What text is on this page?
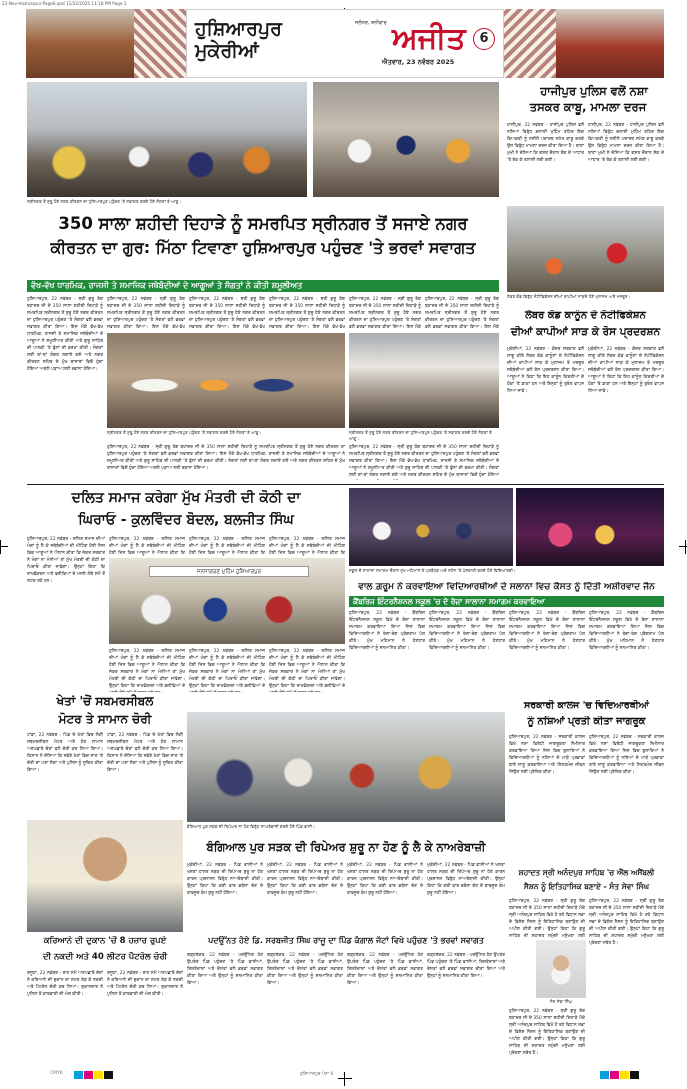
23-Nov-Hoshiarpur-Page6.qxd 11/22/2025 11:18 PM Page 1
ਹੁਸ਼ਿਆਰਪੁਰ ਮੁਕੇਰੀਆਂ
ਜਲੰਧਰ, ਸ਼ਨੀਵਾਰ ਅਜੀਤ
ਐਤਵਾਰ, 23 ਨਵੰਬਰ 2025
6
ਸ੍ਰੀਨਗਰ ਤੋਂ ਸ਼ੁਰੂ ਹੋਏ ਨਗਰ ਕੀਰਤਨ ਦਾ ਹੁਸ਼ਿਆਰਪੁਰ ਪਹੁੰਚਣ 'ਤੇ ਸਵਾਗਤ ਕਰਦੇ ਹੋਏ ਸੰਗਤਾਂ ਤੇ ਆਗੂ।
ਹਾਜੀਪੁਰ ਪੁਲਿਸ ਵਲੋਂ ਨਸ਼ਾ
ਤਸਕਰ ਕਾਬੂ, ਮਾਮਲਾ ਦਰਜ
ਹਾਜੀਪੁਰ, 22 ਨਵੰਬਰ - ਹਾਜੀਪੁਰ ਪੁਲਿਸ ਵਲੋਂ ਨਸ਼ਿਆਂ ਵਿਰੁੱਧ ਚਲਾਈ ਮੁਹਿੰਮ ਤਹਿਤ ਇਕ ਵਿਅਕਤੀ ਨੂੰ ਨਸ਼ੀਲੇ ਪਦਾਰਥ ਸਮੇਤ ਕਾਬੂ ਕਰਕੇ ਉਸ ਵਿਰੁੱਧ ਮਾਮਲਾ ਦਰਜ ਕੀਤਾ ਗਿਆ ਹੈ। ਥਾਣਾ ਮੁਖੀ ਨੇ ਦੱਸਿਆ ਕਿ ਗਸ਼ਤ ਦੌਰਾਨ ਸ਼ੱਕ ਦੇ ਆਧਾਰ 'ਤੇ ਰੋਕ ਕੇ ਤਲਾਸ਼ੀ ਲਈ ਗਈ।
ਹਾਜੀਪੁਰ, 22 ਨਵੰਬਰ - ਹਾਜੀਪੁਰ ਪੁਲਿਸ ਵਲੋਂ ਨਸ਼ਿਆਂ ਵਿਰੁੱਧ ਚਲਾਈ ਮੁਹਿੰਮ ਤਹਿਤ ਇਕ ਵਿਅਕਤੀ ਨੂੰ ਨਸ਼ੀਲੇ ਪਦਾਰਥ ਸਮੇਤ ਕਾਬੂ ਕਰਕੇ ਉਸ ਵਿਰੁੱਧ ਮਾਮਲਾ ਦਰਜ ਕੀਤਾ ਗਿਆ ਹੈ। ਥਾਣਾ ਮੁਖੀ ਨੇ ਦੱਸਿਆ ਕਿ ਗਸ਼ਤ ਦੌਰਾਨ ਸ਼ੱਕ ਦੇ ਆਧਾਰ 'ਤੇ ਰੋਕ ਕੇ ਤਲਾਸ਼ੀ ਲਈ ਗਈ।
350 ਸਾਲਾ ਸ਼ਹੀਦੀ ਦਿਹਾੜੇ ਨੂੰ ਸਮਰਪਿਤ ਸ੍ਰੀਨਗਰ ਤੋਂ ਸਜਾਏ ਨਗਰ
ਕੀਰਤਨ ਦਾ ਗੁਰ: ਮਿੱਠਾ ਟਿਵਾਣਾ ਹੁਸ਼ਿਆਰਪੁਰ ਪਹੁੰਚਣ 'ਤੇ ਭਰਵਾਂ ਸਵਾਗਤ
ਵੱਖ-ਵੱਖ ਧਾਰਮਿਕ, ਰਾਜਸੀ ਤੇ ਸਮਾਜਿਕ ਜਥੇਬੰਦੀਆਂ ਦੇ ਆਗੂਆਂ ਤੇ ਸੰਗਤਾਂ ਨੇ ਕੀਤੀ ਸ਼ਮੂਲੀਅਤ
ਹੁਸ਼ਿਆਰਪੁਰ, 22 ਨਵੰਬਰ - ਸ੍ਰੀ ਗੁਰੂ ਤੇਗ ਬਹਾਦਰ ਜੀ ਦੇ 350 ਸਾਲਾ ਸ਼ਹੀਦੀ ਦਿਹਾੜੇ ਨੂੰ ਸਮਰਪਿਤ ਸ੍ਰੀਨਗਰ ਤੋਂ ਸ਼ੁਰੂ ਹੋਏ ਨਗਰ ਕੀਰਤਨ ਦਾ ਹੁਸ਼ਿਆਰਪੁਰ ਪਹੁੰਚਣ 'ਤੇ ਸੰਗਤਾਂ ਵਲੋਂ ਭਰਵਾਂ ਸਵਾਗਤ ਕੀਤਾ ਗਿਆ। ਇਸ ਮੌਕੇ ਵੱਖ-ਵੱਖ ਧਾਰਮਿਕ, ਰਾਜਸੀ ਤੇ ਸਮਾਜਿਕ ਜਥੇਬੰਦੀਆਂ ਦੇ ਆਗੂਆਂ ਨੇ ਸ਼ਮੂਲੀਅਤ ਕੀਤੀ ਅਤੇ ਗੁਰੂ ਸਾਹਿਬ ਦੀ ਪਾਲਕੀ 'ਤੇ ਫੁੱਲਾਂ ਦੀ ਵਰਖਾ ਕੀਤੀ। ਸੰਗਤਾਂ ਲਈ ਥਾਂ-ਥਾਂ ਲੰਗਰ ਲਗਾਏ ਗਏ ਅਤੇ ਨਗਰ ਕੀਰਤਨ ਸ਼ਹਿਰ ਦੇ ਮੁੱਖ ਬਾਜ਼ਾਰਾਂ ਵਿਚੋਂ ਹੁੰਦਾ ਹੋਇਆ ਅਗਲੇ ਪੜਾਅ ਲਈ ਰਵਾਨਾ ਹੋਇਆ।
ਹੁਸ਼ਿਆਰਪੁਰ, 22 ਨਵੰਬਰ - ਸ੍ਰੀ ਗੁਰੂ ਤੇਗ ਬਹਾਦਰ ਜੀ ਦੇ 350 ਸਾਲਾ ਸ਼ਹੀਦੀ ਦਿਹਾੜੇ ਨੂੰ ਸਮਰਪਿਤ ਸ੍ਰੀਨਗਰ ਤੋਂ ਸ਼ੁਰੂ ਹੋਏ ਨਗਰ ਕੀਰਤਨ ਦਾ ਹੁਸ਼ਿਆਰਪੁਰ ਪਹੁੰਚਣ 'ਤੇ ਸੰਗਤਾਂ ਵਲੋਂ ਭਰਵਾਂ ਸਵਾਗਤ ਕੀਤਾ ਗਿਆ। ਇਸ ਮੌਕੇ ਵੱਖ-ਵੱਖ
ਹੁਸ਼ਿਆਰਪੁਰ, 22 ਨਵੰਬਰ - ਸ੍ਰੀ ਗੁਰੂ ਤੇਗ ਬਹਾਦਰ ਜੀ ਦੇ 350 ਸਾਲਾ ਸ਼ਹੀਦੀ ਦਿਹਾੜੇ ਨੂੰ ਸਮਰਪਿਤ ਸ੍ਰੀਨਗਰ ਤੋਂ ਸ਼ੁਰੂ ਹੋਏ ਨਗਰ ਕੀਰਤਨ ਦਾ ਹੁਸ਼ਿਆਰਪੁਰ ਪਹੁੰਚਣ 'ਤੇ ਸੰਗਤਾਂ ਵਲੋਂ ਭਰਵਾਂ ਸਵਾਗਤ ਕੀਤਾ ਗਿਆ। ਇਸ ਮੌਕੇ ਵੱਖ-ਵੱਖ
ਹੁਸ਼ਿਆਰਪੁਰ, 22 ਨਵੰਬਰ - ਸ੍ਰੀ ਗੁਰੂ ਤੇਗ ਬਹਾਦਰ ਜੀ ਦੇ 350 ਸਾਲਾ ਸ਼ਹੀਦੀ ਦਿਹਾੜੇ ਨੂੰ ਸਮਰਪਿਤ ਸ੍ਰੀਨਗਰ ਤੋਂ ਸ਼ੁਰੂ ਹੋਏ ਨਗਰ ਕੀਰਤਨ ਦਾ ਹੁਸ਼ਿਆਰਪੁਰ ਪਹੁੰਚਣ 'ਤੇ ਸੰਗਤਾਂ ਵਲੋਂ ਭਰਵਾਂ ਸਵਾਗਤ ਕੀਤਾ ਗਿਆ। ਇਸ ਮੌਕੇ ਵੱਖ-ਵੱਖ
ਹੁਸ਼ਿਆਰਪੁਰ, 22 ਨਵੰਬਰ - ਸ੍ਰੀ ਗੁਰੂ ਤੇਗ ਬਹਾਦਰ ਜੀ ਦੇ 350 ਸਾਲਾ ਸ਼ਹੀਦੀ ਦਿਹਾੜੇ ਨੂੰ ਸਮਰਪਿਤ ਸ੍ਰੀਨਗਰ ਤੋਂ ਸ਼ੁਰੂ ਹੋਏ ਨਗਰ ਕੀਰਤਨ ਦਾ ਹੁਸ਼ਿਆਰਪੁਰ ਪਹੁੰਚਣ 'ਤੇ ਸੰਗਤਾਂ ਵਲੋਂ ਭਰਵਾਂ ਸਵਾਗਤ ਕੀਤਾ ਗਿਆ। ਇਸ ਮੌਕੇ
ਹੁਸ਼ਿਆਰਪੁਰ, 22 ਨਵੰਬਰ - ਸ੍ਰੀ ਗੁਰੂ ਤੇਗ ਬਹਾਦਰ ਜੀ ਦੇ 350 ਸਾਲਾ ਸ਼ਹੀਦੀ ਦਿਹਾੜੇ ਨੂੰ ਸਮਰਪਿਤ ਸ੍ਰੀਨਗਰ ਤੋਂ ਸ਼ੁਰੂ ਹੋਏ ਨਗਰ ਕੀਰਤਨ ਦਾ ਹੁਸ਼ਿਆਰਪੁਰ ਪਹੁੰਚਣ 'ਤੇ ਸੰਗਤਾਂ ਵਲੋਂ ਭਰਵਾਂ ਸਵਾਗਤ ਕੀਤਾ ਗਿਆ। ਇਸ ਮੌਕੇ
ਸ੍ਰੀਨਗਰ ਤੋਂ ਸ਼ੁਰੂ ਹੋਏ ਨਗਰ ਕੀਰਤਨ ਦਾ ਹੁਸ਼ਿਆਰਪੁਰ ਪਹੁੰਚਣ 'ਤੇ ਸਵਾਗਤ ਕਰਦੇ ਹੋਏ ਸੰਗਤਾਂ ਤੇ ਆਗੂ।	ਸ੍ਰੀਨਗਰ ਤੋਂ ਸ਼ੁਰੂ ਹੋਏ ਨਗਰ ਕੀਰਤਨ ਦਾ ਹੁਸ਼ਿਆਰਪੁਰ ਪਹੁੰਚਣ 'ਤੇ ਸਵਾਗਤ ਕਰਦੇ ਹੋਏ ਸੰਗਤਾਂ ਤੇ ਆਗੂ।
ਹੁਸ਼ਿਆਰਪੁਰ, 22 ਨਵੰਬਰ - ਸ੍ਰੀ ਗੁਰੂ ਤੇਗ ਬਹਾਦਰ ਜੀ ਦੇ 350 ਸਾਲਾ ਸ਼ਹੀਦੀ ਦਿਹਾੜੇ ਨੂੰ ਸਮਰਪਿਤ ਸ੍ਰੀਨਗਰ ਤੋਂ ਸ਼ੁਰੂ ਹੋਏ ਨਗਰ ਕੀਰਤਨ ਦਾ ਹੁਸ਼ਿਆਰਪੁਰ ਪਹੁੰਚਣ 'ਤੇ ਸੰਗਤਾਂ ਵਲੋਂ ਭਰਵਾਂ ਸਵਾਗਤ ਕੀਤਾ ਗਿਆ। ਇਸ ਮੌਕੇ ਵੱਖ-ਵੱਖ ਧਾਰਮਿਕ, ਰਾਜਸੀ ਤੇ ਸਮਾਜਿਕ ਜਥੇਬੰਦੀਆਂ ਦੇ ਆਗੂਆਂ ਨੇ ਸ਼ਮੂਲੀਅਤ ਕੀਤੀ ਅਤੇ ਗੁਰੂ ਸਾਹਿਬ ਦੀ ਪਾਲਕੀ 'ਤੇ ਫੁੱਲਾਂ ਦੀ ਵਰਖਾ ਕੀਤੀ। ਸੰਗਤਾਂ ਲਈ ਥਾਂ-ਥਾਂ ਲੰਗਰ ਲਗਾਏ ਗਏ ਅਤੇ ਨਗਰ ਕੀਰਤਨ ਸ਼ਹਿਰ ਦੇ ਮੁੱਖ ਬਾਜ਼ਾਰਾਂ ਵਿਚੋਂ ਹੁੰਦਾ ਹੋਇਆ ਅਗਲੇ ਪੜਾਅ ਲਈ ਰਵਾਨਾ ਹੋਇਆ।
ਹੁਸ਼ਿਆਰਪੁਰ, 22 ਨਵੰਬਰ - ਸ੍ਰੀ ਗੁਰੂ ਤੇਗ ਬਹਾਦਰ ਜੀ ਦੇ 350 ਸਾਲਾ ਸ਼ਹੀਦੀ ਦਿਹਾੜੇ ਨੂੰ ਸਮਰਪਿਤ ਸ੍ਰੀਨਗਰ ਤੋਂ ਸ਼ੁਰੂ ਹੋਏ ਨਗਰ ਕੀਰਤਨ ਦਾ ਹੁਸ਼ਿਆਰਪੁਰ ਪਹੁੰਚਣ 'ਤੇ ਸੰਗਤਾਂ ਵਲੋਂ ਭਰਵਾਂ ਸਵਾਗਤ ਕੀਤਾ ਗਿਆ। ਇਸ ਮੌਕੇ ਵੱਖ-ਵੱਖ ਧਾਰਮਿਕ, ਰਾਜਸੀ ਤੇ ਸਮਾਜਿਕ ਜਥੇਬੰਦੀਆਂ ਦੇ ਆਗੂਆਂ ਨੇ ਸ਼ਮੂਲੀਅਤ ਕੀਤੀ ਅਤੇ ਗੁਰੂ ਸਾਹਿਬ ਦੀ ਪਾਲਕੀ 'ਤੇ ਫੁੱਲਾਂ ਦੀ ਵਰਖਾ ਕੀਤੀ। ਸੰਗਤਾਂ ਲਈ ਥਾਂ-ਥਾਂ ਲੰਗਰ ਲਗਾਏ ਗਏ ਅਤੇ ਨਗਰ ਕੀਰਤਨ ਸ਼ਹਿਰ ਦੇ ਮੁੱਖ ਬਾਜ਼ਾਰਾਂ ਵਿਚੋਂ ਹੁੰਦਾ ਹੋਇਆ
ਲੇਬਰ ਕੋਡ ਵਿਰੁੱਧ ਨੋਟੀਫਿਕੇਸ਼ਨ ਦੀਆਂ ਕਾਪੀਆਂ ਸਾੜਦੇ ਹੋਏ ਮੁਲਾਜ਼ਮ ਅਤੇ ਮਜ਼ਦੂਰ।
ਲੇਬਰ ਕੋਡ ਕਾਨੂੰਨ ਦੇ ਨੋਟੀਫਿਕੇਸ਼ਨ
ਦੀਆਂ ਕਾਪੀਆਂ ਸਾੜ ਕੇ ਰੋਸ ਪ੍ਰਦਰਸ਼ਨ
ਮੁਕੇਰੀਆਂ, 22 ਨਵੰਬਰ - ਕੇਂਦਰ ਸਰਕਾਰ ਵਲੋਂ ਲਾਗੂ ਕੀਤੇ ਲੇਬਰ ਕੋਡ ਕਾਨੂੰਨਾਂ ਦੇ ਨੋਟੀਫਿਕੇਸ਼ਨ ਦੀਆਂ ਕਾਪੀਆਂ ਸਾੜ ਕੇ ਮੁਲਾਜ਼ਮ ਤੇ ਮਜ਼ਦੂਰ ਜਥੇਬੰਦੀਆਂ ਵਲੋਂ ਰੋਸ ਪ੍ਰਦਰਸ਼ਨ ਕੀਤਾ ਗਿਆ। ਆਗੂਆਂ ਨੇ ਕਿਹਾ ਕਿ ਇਹ ਕਾਨੂੰਨ ਕਿਰਤੀਆਂ ਦੇ ਹੱਕਾਂ 'ਤੇ ਡਾਕਾ ਹਨ ਅਤੇ ਇਨ੍ਹਾਂ ਨੂੰ ਤੁਰੰਤ ਵਾਪਸ ਲਿਆ ਜਾਵੇ।
ਮੁਕੇਰੀਆਂ, 22 ਨਵੰਬਰ - ਕੇਂਦਰ ਸਰਕਾਰ ਵਲੋਂ ਲਾਗੂ ਕੀਤੇ ਲੇਬਰ ਕੋਡ ਕਾਨੂੰਨਾਂ ਦੇ ਨੋਟੀਫਿਕੇਸ਼ਨ ਦੀਆਂ ਕਾਪੀਆਂ ਸਾੜ ਕੇ ਮੁਲਾਜ਼ਮ ਤੇ ਮਜ਼ਦੂਰ ਜਥੇਬੰਦੀਆਂ ਵਲੋਂ ਰੋਸ ਪ੍ਰਦਰਸ਼ਨ ਕੀਤਾ ਗਿਆ। ਆਗੂਆਂ ਨੇ ਕਿਹਾ ਕਿ ਇਹ ਕਾਨੂੰਨ ਕਿਰਤੀਆਂ ਦੇ ਹੱਕਾਂ 'ਤੇ ਡਾਕਾ ਹਨ ਅਤੇ ਇਨ੍ਹਾਂ ਨੂੰ ਤੁਰੰਤ ਵਾਪਸ ਲਿਆ ਜਾਵੇ।
ਦਲਿਤ ਸਮਾਜ ਕਰੇਗਾ ਮੁੱਖ ਮੰਤਰੀ ਦੀ ਕੋਠੀ ਦਾ
ਘਿਰਾਓ - ਕੁਲਵਿੰਦਰ ਬੋਦਲ, ਬਲਜੀਤ ਸਿੰਘ
ਹੁਸ਼ਿਆਰਪੁਰ, 22 ਨਵੰਬਰ - ਦਲਿਤ ਸਮਾਜ ਦੀਆਂ ਮੰਗਾਂ ਨੂੰ ਲੈ ਕੇ ਜਥੇਬੰਦੀਆਂ ਦੀ ਮੀਟਿੰਗ ਹੋਈ ਜਿਸ ਵਿਚ ਆਗੂਆਂ ਨੇ ਐਲਾਨ ਕੀਤਾ ਕਿ ਜੇਕਰ ਸਰਕਾਰ ਨੇ ਮੰਗਾਂ ਨਾ ਮੰਨੀਆਂ ਤਾਂ ਮੁੱਖ ਮੰਤਰੀ ਦੀ ਕੋਠੀ ਦਾ ਘਿਰਾਓ ਕੀਤਾ ਜਾਵੇਗਾ। ਉਨ੍ਹਾਂ ਕਿਹਾ ਕਿ ਰਾਖਵੇਂਕਰਨ ਅਤੇ ਵਜ਼ੀਫ਼ਿਆਂ ਦੇ ਮਸਲੇ ਲੰਬੇ ਸਮੇਂ ਤੋਂ ਲਟਕ ਰਹੇ ਹਨ।
ਹੁਸ਼ਿਆਰਪੁਰ, 22 ਨਵੰਬਰ - ਦਲਿਤ ਸਮਾਜ ਦੀਆਂ ਮੰਗਾਂ ਨੂੰ ਲੈ ਕੇ ਜਥੇਬੰਦੀਆਂ ਦੀ ਮੀਟਿੰਗ ਹੋਈ ਜਿਸ ਵਿਚ ਆਗੂਆਂ ਨੇ ਐਲਾਨ ਕੀਤਾ ਕਿ
ਹੁਸ਼ਿਆਰਪੁਰ, 22 ਨਵੰਬਰ - ਦਲਿਤ ਸਮਾਜ ਦੀਆਂ ਮੰਗਾਂ ਨੂੰ ਲੈ ਕੇ ਜਥੇਬੰਦੀਆਂ ਦੀ ਮੀਟਿੰਗ ਹੋਈ ਜਿਸ ਵਿਚ ਆਗੂਆਂ ਨੇ ਐਲਾਨ ਕੀਤਾ ਕਿ
ਹੁਸ਼ਿਆਰਪੁਰ, 22 ਨਵੰਬਰ - ਦਲਿਤ ਸਮਾਜ ਦੀਆਂ ਮੰਗਾਂ ਨੂੰ ਲੈ ਕੇ ਜਥੇਬੰਦੀਆਂ ਦੀ ਮੀਟਿੰਗ ਹੋਈ ਜਿਸ ਵਿਚ ਆਗੂਆਂ ਨੇ ਐਲਾਨ ਕੀਤਾ ਕਿ
ਜਨਜਾਗਰਣ ਮੁਹਿੰਮ ਹੁਸ਼ਿਆਰਪੁਰ
ਹੁਸ਼ਿਆਰਪੁਰ, 22 ਨਵੰਬਰ - ਦਲਿਤ ਸਮਾਜ ਦੀਆਂ ਮੰਗਾਂ ਨੂੰ ਲੈ ਕੇ ਜਥੇਬੰਦੀਆਂ ਦੀ ਮੀਟਿੰਗ ਹੋਈ ਜਿਸ ਵਿਚ ਆਗੂਆਂ ਨੇ ਐਲਾਨ ਕੀਤਾ ਕਿ ਜੇਕਰ ਸਰਕਾਰ ਨੇ ਮੰਗਾਂ ਨਾ ਮੰਨੀਆਂ ਤਾਂ ਮੁੱਖ ਮੰਤਰੀ ਦੀ ਕੋਠੀ ਦਾ ਘਿਰਾਓ ਕੀਤਾ ਜਾਵੇਗਾ। ਉਨ੍ਹਾਂ ਕਿਹਾ ਕਿ ਰਾਖਵੇਂਕਰਨ ਅਤੇ ਵਜ਼ੀਫ਼ਿਆਂ ਦੇ
ਹੁਸ਼ਿਆਰਪੁਰ, 22 ਨਵੰਬਰ - ਦਲਿਤ ਸਮਾਜ ਦੀਆਂ ਮੰਗਾਂ ਨੂੰ ਲੈ ਕੇ ਜਥੇਬੰਦੀਆਂ ਦੀ ਮੀਟਿੰਗ ਹੋਈ ਜਿਸ ਵਿਚ ਆਗੂਆਂ ਨੇ ਐਲਾਨ ਕੀਤਾ ਕਿ ਜੇਕਰ ਸਰਕਾਰ ਨੇ ਮੰਗਾਂ ਨਾ ਮੰਨੀਆਂ ਤਾਂ ਮੁੱਖ ਮੰਤਰੀ ਦੀ ਕੋਠੀ ਦਾ ਘਿਰਾਓ ਕੀਤਾ ਜਾਵੇਗਾ। ਉਨ੍ਹਾਂ ਕਿਹਾ ਕਿ ਰਾਖਵੇਂਕਰਨ ਅਤੇ ਵਜ਼ੀਫ਼ਿਆਂ ਦੇ
ਹੁਸ਼ਿਆਰਪੁਰ, 22 ਨਵੰਬਰ - ਦਲਿਤ ਸਮਾਜ ਦੀਆਂ ਮੰਗਾਂ ਨੂੰ ਲੈ ਕੇ ਜਥੇਬੰਦੀਆਂ ਦੀ ਮੀਟਿੰਗ ਹੋਈ ਜਿਸ ਵਿਚ ਆਗੂਆਂ ਨੇ ਐਲਾਨ ਕੀਤਾ ਕਿ ਜੇਕਰ ਸਰਕਾਰ ਨੇ ਮੰਗਾਂ ਨਾ ਮੰਨੀਆਂ ਤਾਂ ਮੁੱਖ ਮੰਤਰੀ ਦੀ ਕੋਠੀ ਦਾ ਘਿਰਾਓ ਕੀਤਾ ਜਾਵੇਗਾ। ਉਨ੍ਹਾਂ ਕਿਹਾ ਕਿ ਰਾਖਵੇਂਕਰਨ ਅਤੇ ਵਜ਼ੀਫ਼ਿਆਂ ਦੇ
ਸਕੂਲ ਦੇ ਸਾਲਾਨਾ ਸਮਾਗਮ ਦੌਰਾਨ ਮੁੱਖ ਮਹਿਮਾਨ ਤੇ ਪ੍ਰਬੰਧਕ ਅਤੇ ਸਟੇਜ 'ਤੇ ਪੇਸ਼ਕਾਰੀ ਕਰਦੇ ਹੋਏ ਵਿਦਿਆਰਥੀ।
ਵਾਲ ਗ਼ਰੂਮ ਨੇ ਕਰਵਾਇਆ ਵਿਦਿਆਰਥੀਆਂ ਦੇ ਸਲਾਨਾ ਵਿਚ ਕੈਸਤ ਨੂੰ ਦਿੱਤੀ ਅਸ਼ੀਰਵਾਦ ਜੈਨ
ਕੈਂਬਰਿਜ ਇੰਟਰਨੈਸ਼ਨਲ ਸਕੂਲ 'ਚ ਦੋ ਰੋਜ਼ਾ ਸਾਲਾਨਾ ਸਮਾਗਮ ਕਰਵਾਇਆ
ਹੁਸ਼ਿਆਰਪੁਰ, 22 ਨਵੰਬਰ - ਕੈਂਬਰਿਜ ਇੰਟਰਨੈਸ਼ਨਲ ਸਕੂਲ ਵਿਖੇ ਦੋ ਰੋਜ਼ਾ ਸਾਲਾਨਾ ਸਮਾਗਮ ਕਰਵਾਇਆ ਗਿਆ ਜਿਸ ਵਿਚ ਵਿਦਿਆਰਥੀਆਂ ਨੇ ਰੰਗਾ-ਰੰਗ ਪ੍ਰੋਗਰਾਮ ਪੇਸ਼ ਕੀਤੇ। ਮੁੱਖ ਮਹਿਮਾਨ ਨੇ ਹੋਣਹਾਰ ਵਿਦਿਆਰਥੀਆਂ ਨੂੰ ਸਨਮਾਨਿਤ ਕੀਤਾ।
ਹੁਸ਼ਿਆਰਪੁਰ, 22 ਨਵੰਬਰ - ਕੈਂਬਰਿਜ ਇੰਟਰਨੈਸ਼ਨਲ ਸਕੂਲ ਵਿਖੇ ਦੋ ਰੋਜ਼ਾ ਸਾਲਾਨਾ ਸਮਾਗਮ ਕਰਵਾਇਆ ਗਿਆ ਜਿਸ ਵਿਚ ਵਿਦਿਆਰਥੀਆਂ ਨੇ ਰੰਗਾ-ਰੰਗ ਪ੍ਰੋਗਰਾਮ ਪੇਸ਼ ਕੀਤੇ। ਮੁੱਖ ਮਹਿਮਾਨ ਨੇ ਹੋਣਹਾਰ ਵਿਦਿਆਰਥੀਆਂ ਨੂੰ ਸਨਮਾਨਿਤ ਕੀਤਾ।
ਹੁਸ਼ਿਆਰਪੁਰ, 22 ਨਵੰਬਰ - ਕੈਂਬਰਿਜ ਇੰਟਰਨੈਸ਼ਨਲ ਸਕੂਲ ਵਿਖੇ ਦੋ ਰੋਜ਼ਾ ਸਾਲਾਨਾ ਸਮਾਗਮ ਕਰਵਾਇਆ ਗਿਆ ਜਿਸ ਵਿਚ ਵਿਦਿਆਰਥੀਆਂ ਨੇ ਰੰਗਾ-ਰੰਗ ਪ੍ਰੋਗਰਾਮ ਪੇਸ਼ ਕੀਤੇ। ਮੁੱਖ ਮਹਿਮਾਨ ਨੇ ਹੋਣਹਾਰ ਵਿਦਿਆਰਥੀਆਂ ਨੂੰ ਸਨਮਾਨਿਤ ਕੀਤਾ।
ਹੁਸ਼ਿਆਰਪੁਰ, 22 ਨਵੰਬਰ - ਕੈਂਬਰਿਜ ਇੰਟਰਨੈਸ਼ਨਲ ਸਕੂਲ ਵਿਖੇ ਦੋ ਰੋਜ਼ਾ ਸਾਲਾਨਾ ਸਮਾਗਮ ਕਰਵਾਇਆ ਗਿਆ ਜਿਸ ਵਿਚ ਵਿਦਿਆਰਥੀਆਂ ਨੇ ਰੰਗਾ-ਰੰਗ ਪ੍ਰੋਗਰਾਮ ਪੇਸ਼ ਕੀਤੇ। ਮੁੱਖ ਮਹਿਮਾਨ ਨੇ ਹੋਣਹਾਰ ਵਿਦਿਆਰਥੀਆਂ ਨੂੰ ਸਨਮਾਨਿਤ ਕੀਤਾ।
ਖੇਤਾਂ 'ਚੋਂ ਸਬਮਰਸੀਬਲ
ਮੋਟਰ ਤੇ ਸਾਮਾਨ ਚੋਰੀ
ਟਾਂਡਾ, 22 ਨਵੰਬਰ - ਪਿੰਡ ਦੇ ਖੇਤਾਂ ਵਿਚ ਲੱਗੀ ਸਬਮਰਸੀਬਲ ਮੋਟਰ ਅਤੇ ਹੋਰ ਸਾਮਾਨ ਅਣਪਛਾਤੇ ਚੋਰਾਂ ਵਲੋਂ ਚੋਰੀ ਕਰ ਲਿਆ ਗਿਆ। ਕਿਸਾਨ ਨੇ ਦੱਸਿਆ ਕਿ ਸਵੇਰੇ ਖੇਤਾਂ ਵਿਚ ਜਾਣ 'ਤੇ ਚੋਰੀ ਦਾ ਪਤਾ ਲੱਗਾ ਅਤੇ ਪੁਲਿਸ ਨੂੰ ਸੂਚਿਤ ਕੀਤਾ ਗਿਆ।
ਟਾਂਡਾ, 22 ਨਵੰਬਰ - ਪਿੰਡ ਦੇ ਖੇਤਾਂ ਵਿਚ ਲੱਗੀ ਸਬਮਰਸੀਬਲ ਮੋਟਰ ਅਤੇ ਹੋਰ ਸਾਮਾਨ ਅਣਪਛਾਤੇ ਚੋਰਾਂ ਵਲੋਂ ਚੋਰੀ ਕਰ ਲਿਆ ਗਿਆ। ਕਿਸਾਨ ਨੇ ਦੱਸਿਆ ਕਿ ਸਵੇਰੇ ਖੇਤਾਂ ਵਿਚ ਜਾਣ 'ਤੇ ਚੋਰੀ ਦਾ ਪਤਾ ਲੱਗਾ ਅਤੇ ਪੁਲਿਸ ਨੂੰ ਸੂਚਿਤ ਕੀਤਾ ਗਿਆ।
ਬੰਗਿਆਲ ਪੁਰ ਸੜਕ ਦੀ ਰਿਪੇਅਰ ਨਾ ਹੋਣ ਵਿਰੁੱਧ ਨਾਅਰੇਬਾਜ਼ੀ ਕਰਦੇ ਹੋਏ ਪਿੰਡ ਵਾਸੀ।
ਬੰਗਿਆਲ ਪੁਰ ਸੜਕ ਦੀ ਰਿਪੇਅਰ ਸ਼ੁਰੂ ਨਾ ਹੋਣ ਨੂੰ ਲੈ ਕੇ ਨਾਅਰੇਬਾਜ਼ੀ
ਮੁਕੇਰੀਆਂ, 22 ਨਵੰਬਰ - ਪਿੰਡ ਵਾਸੀਆਂ ਨੇ ਖਸਤਾ ਹਾਲਤ ਸੜਕ ਦੀ ਰਿਪੇਅਰ ਸ਼ੁਰੂ ਨਾ ਹੋਣ ਕਾਰਨ ਪ੍ਰਸ਼ਾਸਨ ਵਿਰੁੱਧ ਨਾਅਰੇਬਾਜ਼ੀ ਕੀਤੀ। ਉਨ੍ਹਾਂ ਕਿਹਾ ਕਿ ਕਈ ਵਾਰ ਭਰੋਸਾ ਦੇਣ ਦੇ ਬਾਵਜੂਦ ਕੰਮ ਸ਼ੁਰੂ ਨਹੀਂ ਹੋਇਆ।
ਮੁਕੇਰੀਆਂ, 22 ਨਵੰਬਰ - ਪਿੰਡ ਵਾਸੀਆਂ ਨੇ ਖਸਤਾ ਹਾਲਤ ਸੜਕ ਦੀ ਰਿਪੇਅਰ ਸ਼ੁਰੂ ਨਾ ਹੋਣ ਕਾਰਨ ਪ੍ਰਸ਼ਾਸਨ ਵਿਰੁੱਧ ਨਾਅਰੇਬਾਜ਼ੀ ਕੀਤੀ। ਉਨ੍ਹਾਂ ਕਿਹਾ ਕਿ ਕਈ ਵਾਰ ਭਰੋਸਾ ਦੇਣ ਦੇ ਬਾਵਜੂਦ ਕੰਮ ਸ਼ੁਰੂ ਨਹੀਂ ਹੋਇਆ।
ਮੁਕੇਰੀਆਂ, 22 ਨਵੰਬਰ - ਪਿੰਡ ਵਾਸੀਆਂ ਨੇ ਖਸਤਾ ਹਾਲਤ ਸੜਕ ਦੀ ਰਿਪੇਅਰ ਸ਼ੁਰੂ ਨਾ ਹੋਣ ਕਾਰਨ ਪ੍ਰਸ਼ਾਸਨ ਵਿਰੁੱਧ ਨਾਅਰੇਬਾਜ਼ੀ ਕੀਤੀ। ਉਨ੍ਹਾਂ ਕਿਹਾ ਕਿ ਕਈ ਵਾਰ ਭਰੋਸਾ ਦੇਣ ਦੇ ਬਾਵਜੂਦ ਕੰਮ ਸ਼ੁਰੂ ਨਹੀਂ ਹੋਇਆ।
ਮੁਕੇਰੀਆਂ, 22 ਨਵੰਬਰ - ਪਿੰਡ ਵਾਸੀਆਂ ਨੇ ਖਸਤਾ ਹਾਲਤ ਸੜਕ ਦੀ ਰਿਪੇਅਰ ਸ਼ੁਰੂ ਨਾ ਹੋਣ ਕਾਰਨ ਪ੍ਰਸ਼ਾਸਨ ਵਿਰੁੱਧ ਨਾਅਰੇਬਾਜ਼ੀ ਕੀਤੀ। ਉਨ੍ਹਾਂ ਕਿਹਾ ਕਿ ਕਈ ਵਾਰ ਭਰੋਸਾ ਦੇਣ ਦੇ ਬਾਵਜੂਦ ਕੰਮ ਸ਼ੁਰੂ ਨਹੀਂ ਹੋਇਆ।
ਸਰਕਾਰੀ ਕਾਲਜ 'ਚ ਵਿਦਿਆਰਥੀਆਂ
ਨੂੰ ਨਸ਼ਿਆਂ ਪ੍ਰਤੀ ਕੀਤਾ ਜਾਗਰੂਕ
ਹੁਸ਼ਿਆਰਪੁਰ, 22 ਨਵੰਬਰ - ਸਰਕਾਰੀ ਕਾਲਜ ਵਿਖੇ ਨਸ਼ਾ ਵਿਰੋਧੀ ਜਾਗਰੂਕਤਾ ਸੈਮੀਨਾਰ ਕਰਵਾਇਆ ਗਿਆ ਜਿਸ ਵਿਚ ਬੁਲਾਰਿਆਂ ਨੇ ਵਿਦਿਆਰਥੀਆਂ ਨੂੰ ਨਸ਼ਿਆਂ ਦੇ ਮਾੜੇ ਪ੍ਰਭਾਵਾਂ ਬਾਰੇ ਜਾਣੂ ਕਰਵਾਇਆ ਅਤੇ ਸਿਹਤਮੰਦ ਜੀਵਨ ਜਿਉਣ ਲਈ ਪ੍ਰੇਰਿਤ ਕੀਤਾ।
ਹੁਸ਼ਿਆਰਪੁਰ, 22 ਨਵੰਬਰ - ਸਰਕਾਰੀ ਕਾਲਜ ਵਿਖੇ ਨਸ਼ਾ ਵਿਰੋਧੀ ਜਾਗਰੂਕਤਾ ਸੈਮੀਨਾਰ ਕਰਵਾਇਆ ਗਿਆ ਜਿਸ ਵਿਚ ਬੁਲਾਰਿਆਂ ਨੇ ਵਿਦਿਆਰਥੀਆਂ ਨੂੰ ਨਸ਼ਿਆਂ ਦੇ ਮਾੜੇ ਪ੍ਰਭਾਵਾਂ ਬਾਰੇ ਜਾਣੂ ਕਰਵਾਇਆ ਅਤੇ ਸਿਹਤਮੰਦ ਜੀਵਨ ਜਿਉਣ ਲਈ ਪ੍ਰੇਰਿਤ ਕੀਤਾ।
ਕਰਿਆਨੇ ਦੀ ਦੁਕਾਨ 'ਚੋਂ 8 ਹਜ਼ਾਰ ਰੁਪਏ
ਦੀ ਨਕਦੀ ਅਤੇ 40 ਲੀਟਰ ਪੈਟਰੋਲ ਚੋਰੀ
ਦਸੂਹਾ, 22 ਨਵੰਬਰ - ਰਾਤ ਸਮੇਂ ਅਣਪਛਾਤੇ ਚੋਰਾਂ ਨੇ ਕਰਿਆਨੇ ਦੀ ਦੁਕਾਨ ਦਾ ਸ਼ਟਰ ਤੋੜ ਕੇ ਨਕਦੀ ਅਤੇ ਪੈਟਰੋਲ ਚੋਰੀ ਕਰ ਲਿਆ। ਦੁਕਾਨਦਾਰ ਨੇ ਪੁਲਿਸ ਤੋਂ ਕਾਰਵਾਈ ਦੀ ਮੰਗ ਕੀਤੀ।
ਦਸੂਹਾ, 22 ਨਵੰਬਰ - ਰਾਤ ਸਮੇਂ ਅਣਪਛਾਤੇ ਚੋਰਾਂ ਨੇ ਕਰਿਆਨੇ ਦੀ ਦੁਕਾਨ ਦਾ ਸ਼ਟਰ ਤੋੜ ਕੇ ਨਕਦੀ ਅਤੇ ਪੈਟਰੋਲ ਚੋਰੀ ਕਰ ਲਿਆ। ਦੁਕਾਨਦਾਰ ਨੇ ਪੁਲਿਸ ਤੋਂ ਕਾਰਵਾਈ ਦੀ ਮੰਗ ਕੀਤੀ।
ਪਦਉੱਨਤ ਹੋਏ ਡਿ. ਸਰਬਜੀਤ ਸਿੰਘ ਰਾਜੂ ਦਾ ਪਿੰਡ ਕੰਗਾਲ ਜੱਟਾਂ ਵਿਖੇ ਪਹੁੰਚਣ 'ਤੇ ਭਰਵਾਂ ਸਵਾਗਤ
ਗੜ੍ਹਸ਼ੰਕਰ, 22 ਨਵੰਬਰ - ਪਦਉੱਨਤ ਹੋਣ ਉਪਰੰਤ ਪਿੰਡ ਪਹੁੰਚਣ 'ਤੇ ਪਿੰਡ ਵਾਸੀਆਂ, ਰਿਸ਼ਤੇਦਾਰਾਂ ਅਤੇ ਦੋਸਤਾਂ ਵਲੋਂ ਭਰਵਾਂ ਸਵਾਗਤ ਕੀਤਾ ਗਿਆ ਅਤੇ ਉਨ੍ਹਾਂ ਨੂੰ ਸਨਮਾਨਿਤ ਕੀਤਾ ਗਿਆ।
ਗੜ੍ਹਸ਼ੰਕਰ, 22 ਨਵੰਬਰ - ਪਦਉੱਨਤ ਹੋਣ ਉਪਰੰਤ ਪਿੰਡ ਪਹੁੰਚਣ 'ਤੇ ਪਿੰਡ ਵਾਸੀਆਂ, ਰਿਸ਼ਤੇਦਾਰਾਂ ਅਤੇ ਦੋਸਤਾਂ ਵਲੋਂ ਭਰਵਾਂ ਸਵਾਗਤ ਕੀਤਾ ਗਿਆ ਅਤੇ ਉਨ੍ਹਾਂ ਨੂੰ ਸਨਮਾਨਿਤ ਕੀਤਾ ਗਿਆ।
ਗੜ੍ਹਸ਼ੰਕਰ, 22 ਨਵੰਬਰ - ਪਦਉੱਨਤ ਹੋਣ ਉਪਰੰਤ ਪਿੰਡ ਪਹੁੰਚਣ 'ਤੇ ਪਿੰਡ ਵਾਸੀਆਂ, ਰਿਸ਼ਤੇਦਾਰਾਂ ਅਤੇ ਦੋਸਤਾਂ ਵਲੋਂ ਭਰਵਾਂ ਸਵਾਗਤ ਕੀਤਾ ਗਿਆ ਅਤੇ ਉਨ੍ਹਾਂ ਨੂੰ ਸਨਮਾਨਿਤ ਕੀਤਾ ਗਿਆ।
ਗੜ੍ਹਸ਼ੰਕਰ, 22 ਨਵੰਬਰ - ਪਦਉੱਨਤ ਹੋਣ ਉਪਰੰਤ ਪਿੰਡ ਪਹੁੰਚਣ 'ਤੇ ਪਿੰਡ ਵਾਸੀਆਂ, ਰਿਸ਼ਤੇਦਾਰਾਂ ਅਤੇ ਦੋਸਤਾਂ ਵਲੋਂ ਭਰਵਾਂ ਸਵਾਗਤ ਕੀਤਾ ਗਿਆ ਅਤੇ ਉਨ੍ਹਾਂ ਨੂੰ ਸਨਮਾਨਿਤ ਕੀਤਾ ਗਿਆ।
ਸ਼ਹਾਦਤ ਸ੍ਰੀ ਅਨੰਦਪੁਰ ਸਾਹਿਬ 'ਚ ਐੱਲ ਅਸੈਂਬਲੀ
ਸੈਸ਼ਨ ਨੂੰ ਇਤਿਹਾਸਿਕ ਬਣਾਏ - ਸੰਤ ਸੇਵਾ ਸਿੰਘ
ਹੁਸ਼ਿਆਰਪੁਰ, 22 ਨਵੰਬਰ - ਸ੍ਰੀ ਗੁਰੂ ਤੇਗ ਬਹਾਦਰ ਜੀ ਦੇ 350 ਸਾਲਾ ਸ਼ਹੀਦੀ ਦਿਹਾੜੇ ਮੌਕੇ ਸ੍ਰੀ ਅਨੰਦਪੁਰ ਸਾਹਿਬ ਵਿਖੇ ਹੋ ਰਹੇ ਵਿਧਾਨ ਸਭਾ ਦੇ ਵਿਸ਼ੇਸ਼ ਸੈਸ਼ਨ ਨੂੰ ਇਤਿਹਾਸਿਕ ਬਣਾਉਣ ਦੀ ਅਪੀਲ ਕੀਤੀ ਗਈ। ਉਨ੍ਹਾਂ ਕਿਹਾ ਕਿ ਗੁਰੂ ਸਾਹਿਬ ਦੀ ਸ਼ਹਾਦਤ ਸਮੁੱਚੀ ਮਨੁੱਖਤਾ ਲਈ
ਹੁਸ਼ਿਆਰਪੁਰ, 22 ਨਵੰਬਰ - ਸ੍ਰੀ ਗੁਰੂ ਤੇਗ ਬਹਾਦਰ ਜੀ ਦੇ 350 ਸਾਲਾ ਸ਼ਹੀਦੀ ਦਿਹਾੜੇ ਮੌਕੇ ਸ੍ਰੀ ਅਨੰਦਪੁਰ ਸਾਹਿਬ ਵਿਖੇ ਹੋ ਰਹੇ ਵਿਧਾਨ ਸਭਾ ਦੇ ਵਿਸ਼ੇਸ਼ ਸੈਸ਼ਨ ਨੂੰ ਇਤਿਹਾਸਿਕ ਬਣਾਉਣ ਦੀ ਅਪੀਲ ਕੀਤੀ ਗਈ। ਉਨ੍ਹਾਂ ਕਿਹਾ ਕਿ ਗੁਰੂ ਸਾਹਿਬ ਦੀ ਸ਼ਹਾਦਤ ਸਮੁੱਚੀ ਮਨੁੱਖਤਾ ਲਈ ਪ੍ਰੇਰਣਾ ਸਰੋਤ ਹੈ।
ਸੰਤ ਸੇਵਾ ਸਿੰਘ
ਹੁਸ਼ਿਆਰਪੁਰ, 22 ਨਵੰਬਰ - ਸ੍ਰੀ ਗੁਰੂ ਤੇਗ ਬਹਾਦਰ ਜੀ ਦੇ 350 ਸਾਲਾ ਸ਼ਹੀਦੀ ਦਿਹਾੜੇ ਮੌਕੇ ਸ੍ਰੀ ਅਨੰਦਪੁਰ ਸਾਹਿਬ ਵਿਖੇ ਹੋ ਰਹੇ ਵਿਧਾਨ ਸਭਾ ਦੇ ਵਿਸ਼ੇਸ਼ ਸੈਸ਼ਨ ਨੂੰ ਇਤਿਹਾਸਿਕ ਬਣਾਉਣ ਦੀ ਅਪੀਲ ਕੀਤੀ ਗਈ। ਉਨ੍ਹਾਂ ਕਿਹਾ ਕਿ ਗੁਰੂ ਸਾਹਿਬ ਦੀ ਸ਼ਹਾਦਤ ਸਮੁੱਚੀ ਮਨੁੱਖਤਾ ਲਈ ਪ੍ਰੇਰਣਾ ਸਰੋਤ ਹੈ।
CMYK	ਹੁਸ਼ਿਆਰਪੁਰ ਪੰਨਾ 6
